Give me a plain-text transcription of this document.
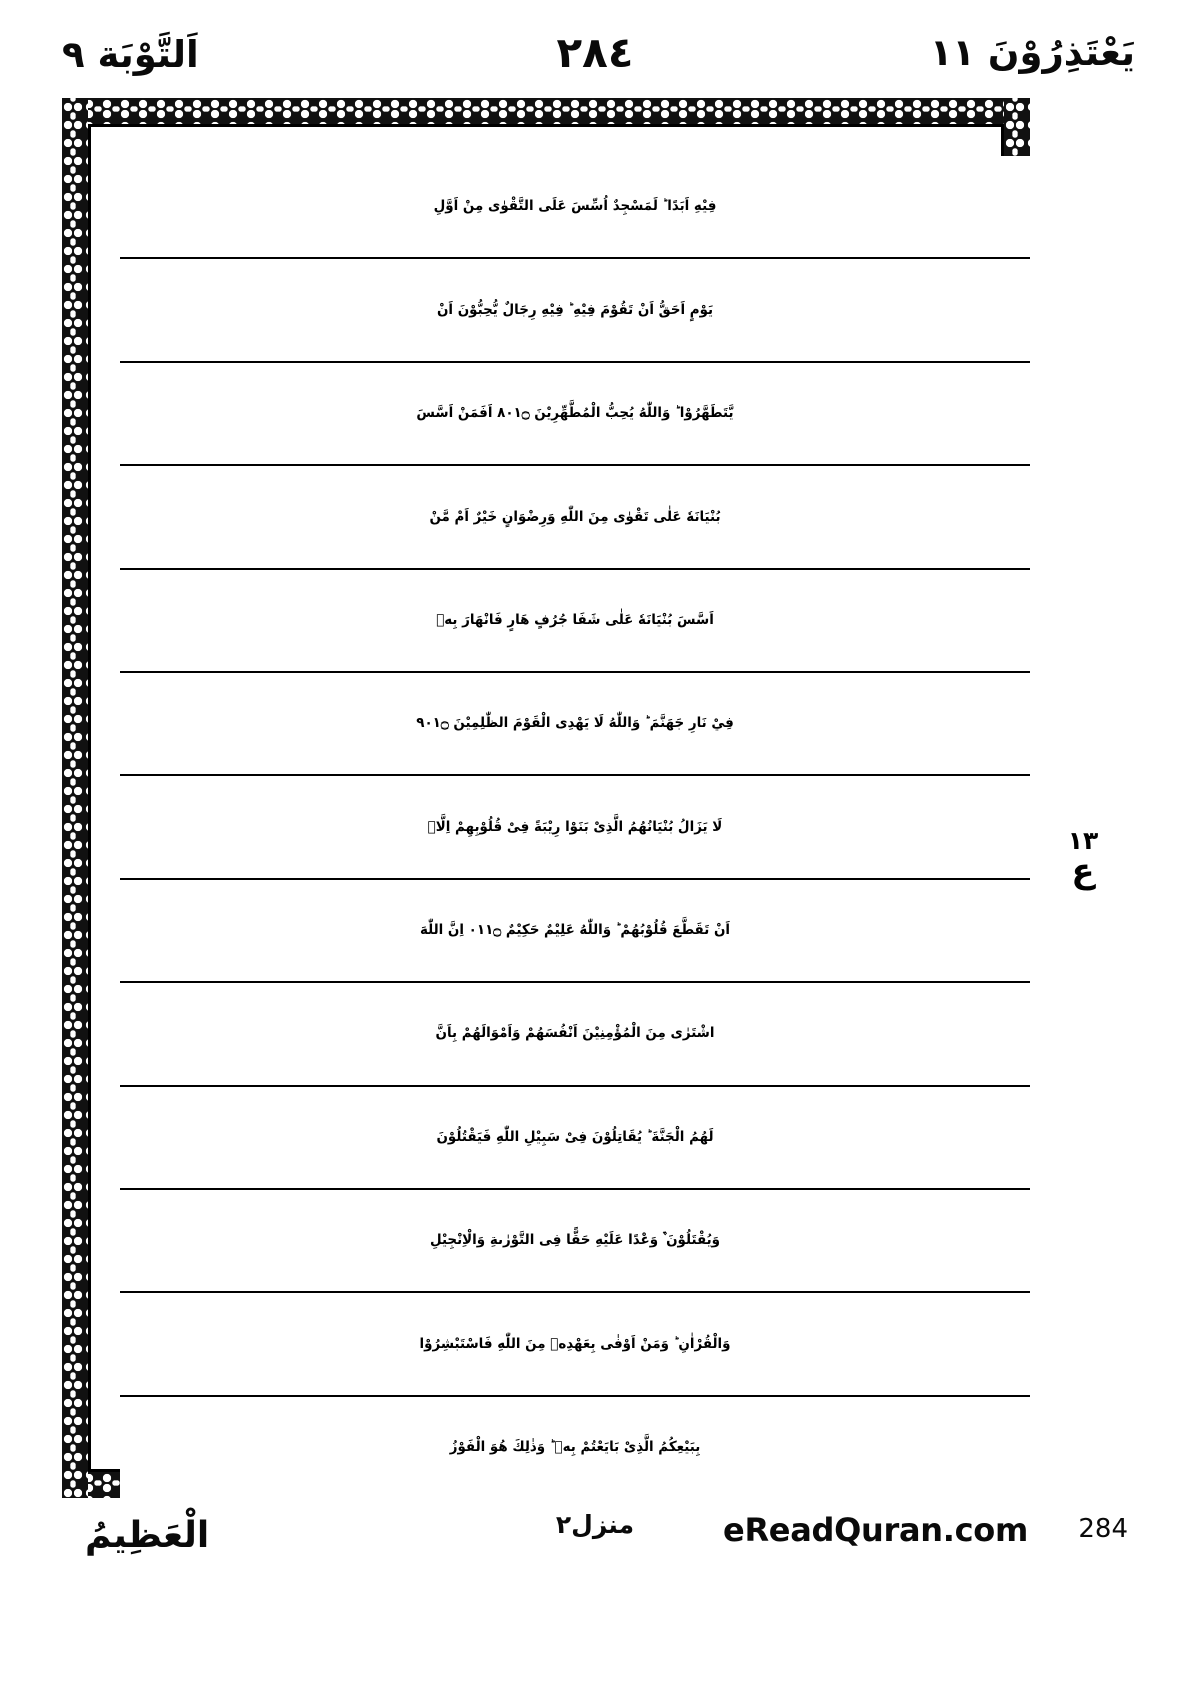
اَلتَّوْبَة ٩	٢٨٤	يَعْتَذِرُوْنَ ١١
فِيْهِ اَبَدًا ؕ لَمَسْجِدٌ اُسِّسَ عَلَى التَّقْوٰى مِنْ اَوَّلِ
يَوْمٍ اَحَقُّ اَنْ تَقُوْمَ فِيْهِ ؕ فِيْهِ رِجَالٌ يُّحِبُّوْنَ اَنْ
يَّتَطَهَّرُوْا ؕ وَاللّٰهُ يُحِبُّ الْمُطَّهِّرِيْنَ ۝١٠٨ اَفَمَنْ اَسَّسَ
بُنْيَانَهٗ عَلٰى تَقْوٰى مِنَ اللّٰهِ وَرِضْوَانٍ خَيْرٌ اَمْ مَّنْ
اَسَّسَ بُنْيَانَهٗ عَلٰى شَفَا جُرُفٍ هَارٍ فَانْهَارَ بِهٖ
فِيْ نَارِ جَهَنَّمَ ؕ وَاللّٰهُ لَا يَهْدِى الْقَوْمَ الظّٰلِمِيْنَ ۝١٠٩
لَا يَزَالُ بُنْيَانُهُمُ الَّذِىْ بَنَوْا رِيْبَةً فِىْ قُلُوْبِهِمْ اِلَّاۤ
اَنْ تَقَطَّعَ قُلُوْبُهُمْ ؕ وَاللّٰهُ عَلِيْمٌ حَكِيْمٌ ۝١١٠ اِنَّ اللّٰهَ
اشْتَرٰى مِنَ الْمُؤْمِنِيْنَ اَنْفُسَهُمْ وَاَمْوَالَهُمْ بِاَنَّ
لَهُمُ الْجَنَّةَ ؕ يُقَاتِلُوْنَ فِىْ سَبِيْلِ اللّٰهِ فَيَقْتُلُوْنَ
وَيُقْتَلُوْنَ ۫ۛ وَعْدًا عَلَيْهِ حَقًّا فِى التَّوْرٰىةِ وَالْاِنْجِيْلِ
وَالْقُرْاٰنِ ؕ وَمَنْ اَوْفٰى بِعَهْدِهٖ مِنَ اللّٰهِ فَاسْتَبْشِرُوْا
بِبَيْعِكُمُ الَّذِىْ بَايَعْتُمْ بِهٖ ؕ وَذٰلِكَ هُوَ الْفَوْزُ
١٣
ع
الْعَظِيمُ	منزل٢	eReadQuran.com 284
